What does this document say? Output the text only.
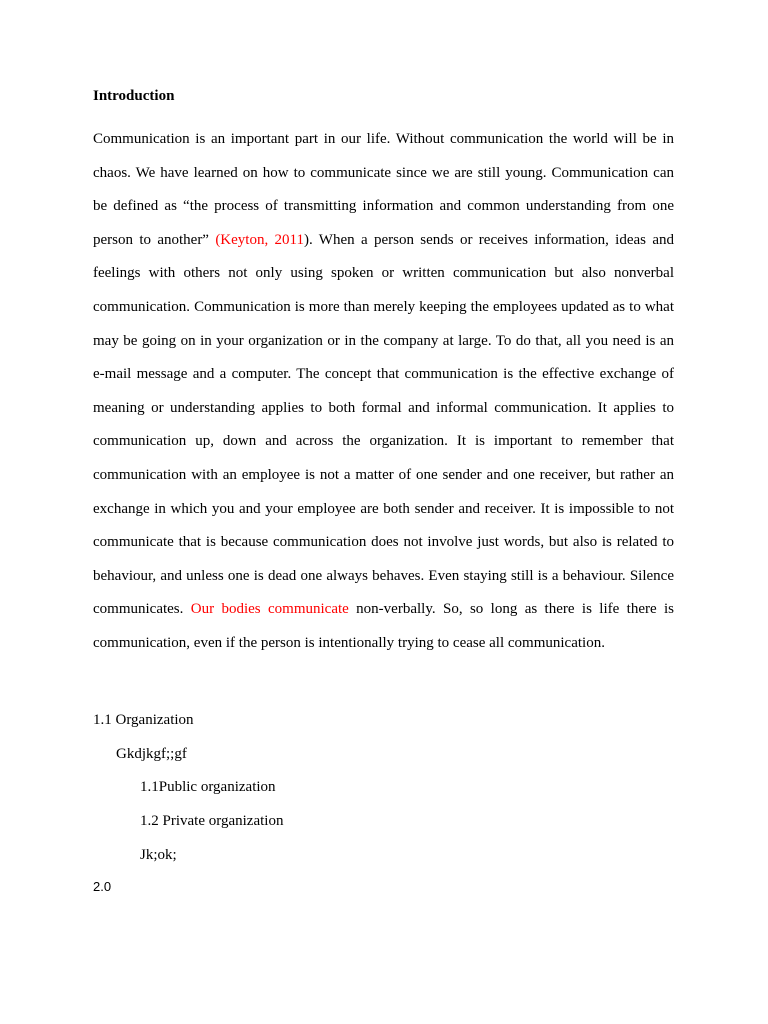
Introduction
Communication is an important part in our life. Without communication the world will be in chaos. We have learned on how to communicate since we are still young. Communication can be defined as “the process of transmitting information and common understanding from one person to another” (Keyton, 2011). When a person sends or receives information, ideas and feelings with others not only using spoken or written communication but also nonverbal communication. Communication is more than merely keeping the employees updated as to what may be going on in your organization or in the company at large. To do that, all you need is an e-mail message and a computer. The concept that communication is the effective exchange of meaning or understanding applies to both formal and informal communication. It applies to communication up, down and across the organization. It is important to remember that communication with an employee is not a matter of one sender and one receiver, but rather an exchange in which you and your employee are both sender and receiver. It is impossible to not communicate that is because communication does not involve just words, but also is related to behaviour, and unless one is dead one always behaves. Even staying still is a behaviour. Silence communicates. Our bodies communicate non-verbally. So, so long as there is life there is communication, even if the person is intentionally trying to cease all communication.
1.1 Organization
Gkdjkgf;;gf
1.1Public organization
1.2 Private organization
Jk;ok;
2.0
